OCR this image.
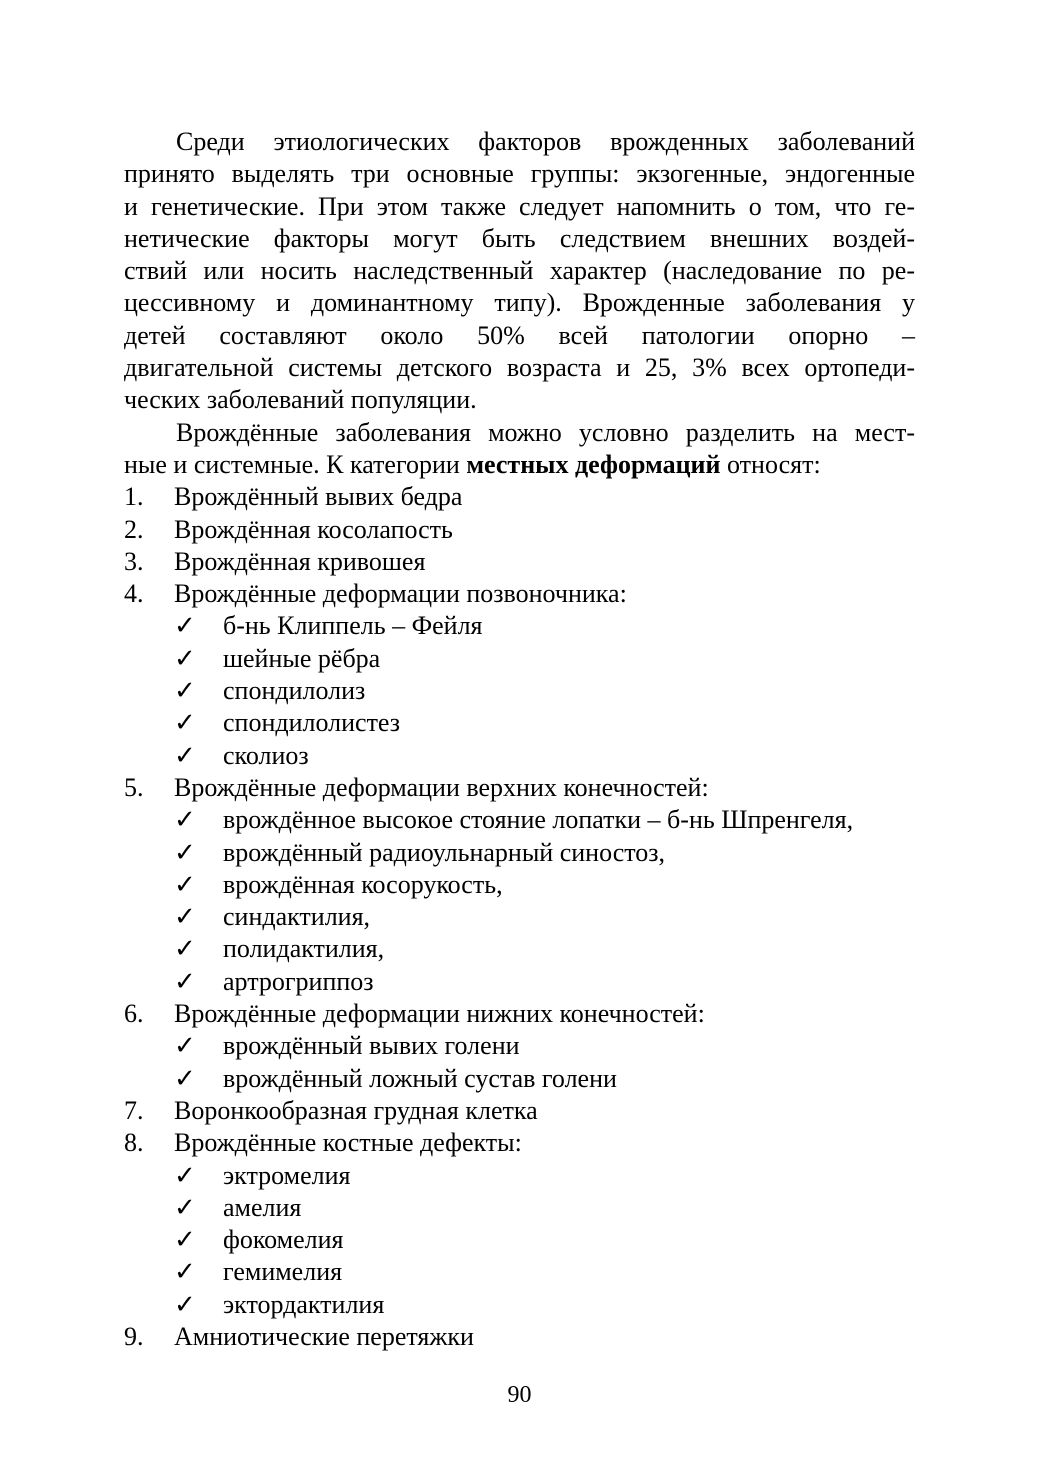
Среди этиологических факторов врожденных заболеваний
принято выделять три основные группы: экзогенные, эндогенные
и генетические. При этом также следует напомнить о том, что ге-
нетические факторы могут быть следствием внешних воздей-
ствий или носить наследственный характер (наследование по ре-
цессивному и доминантному типу). Врожденные заболевания у
детей составляют около 50% всей патологии опорно –
двигательной системы детского возраста и 25, 3% всех ортопеди-
ческих заболеваний популяции.
Врождённые заболевания можно условно разделить на мест-
ные и системные. К категории местных деформаций относят:
1. Врождённый вывих бедра
2. Врождённая косолапость
3. Врождённая кривошея
4. Врождённые деформации позвоночника:
✓ б-нь Клиппель – Фейля
✓ шейные рёбра
✓ спондилолиз
✓ спондилолистез
✓ сколиоз
5. Врождённые деформации верхних конечностей:
✓ врождённое высокое стояние лопатки – б-нь Шпренгеля,
✓ врождённый радиоульнарный синостоз,
✓ врождённая косорукость,
✓ синдактилия,
✓ полидактилия,
✓ артрогриппоз
6. Врождённые деформации нижних конечностей:
✓ врождённый вывих голени
✓ врождённый ложный сустав голени
7. Воронкообразная грудная клетка
8. Врождённые костные дефекты:
✓ эктромелия
✓ амелия
✓ фокомелия
✓ гемимелия
✓ эктордактилия
9. Амниотические перетяжки
90
